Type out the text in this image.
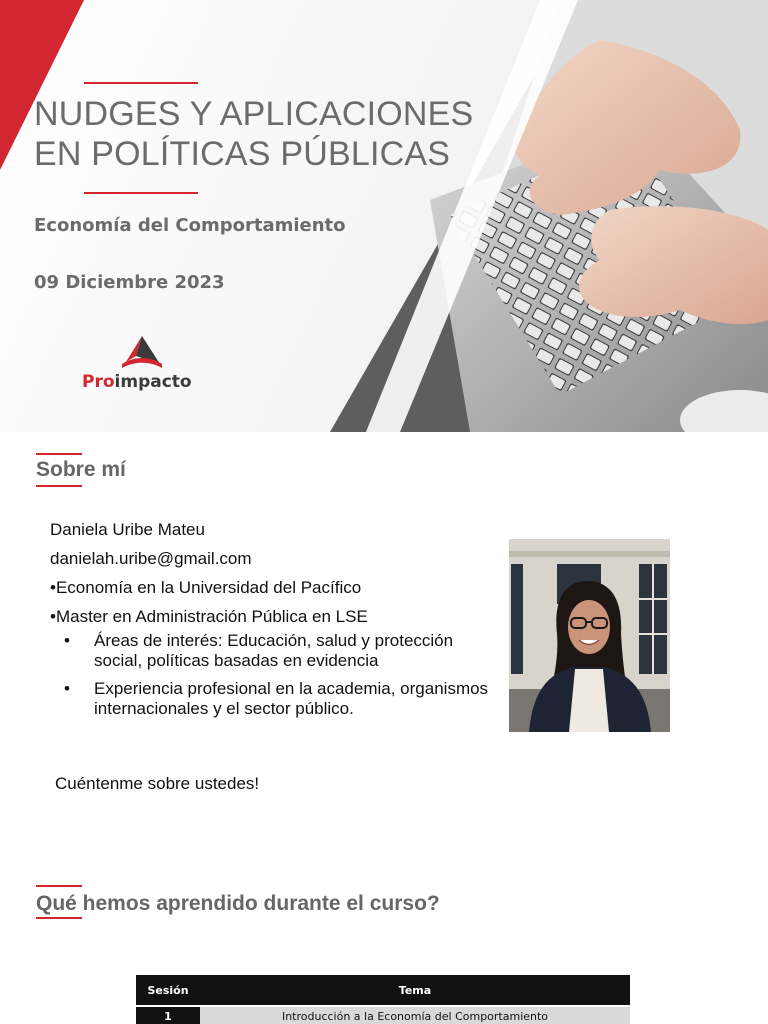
NUDGES Y APLICACIONES
EN POLÍTICAS PÚBLICAS
Economía del Comportamiento
09 Diciembre 2023
Proimpacto
Sobre mí
Daniela Uribe Mateu
danielah.uribe@gmail.com
•Economía en la Universidad del Pacífico
•Master en Administración Pública en LSE
• Áreas de interés: Educación, salud y protección social, políticas basadas en evidencia
• Experiencia profesional en la academia, organismos internacionales y el sector público.
Cuéntenme sobre ustedes!
Qué hemos aprendido durante el curso?
Sesión	Tema
1	Introducción a la Economía del Comportamiento
